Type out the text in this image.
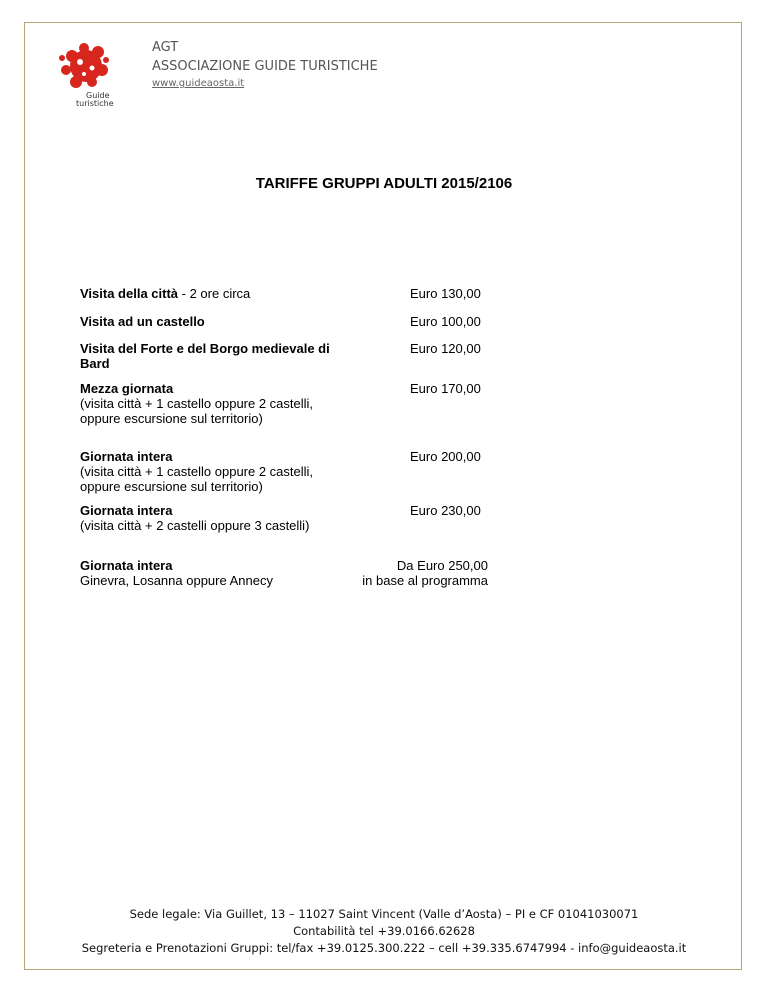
Guide
turistiche
AGT
ASSOCIAZIONE GUIDE TURISTICHE
www.guideaosta.it
TARIFFE GRUPPI ADULTI 2015/2106
Visita della città - 2 ore circa	Euro 130,00
Visita ad un castello	Euro 100,00
Visita del Forte e del Borgo medievale di Bard
Euro 120,00
Mezza giornata
(visita città + 1 castello oppure 2 castelli, oppure escursione sul territorio)
Euro 170,00
Giornata intera
(visita città + 1 castello oppure 2 castelli, oppure escursione sul territorio)
Euro 200,00
Giornata intera
(visita città + 2 castelli oppure 3 castelli)
Euro 230,00
Giornata intera
Ginevra, Losanna oppure Annecy
Da Euro 250,00
in base al programma
Sede legale: Via Guillet, 13 – 11027 Saint Vincent (Valle d’Aosta) – PI e CF 01041030071
Contabilità tel +39.0166.62628
Segreteria e Prenotazioni Gruppi: tel/fax +39.0125.300.222 – cell +39.335.6747994 - info@guideaosta.it
